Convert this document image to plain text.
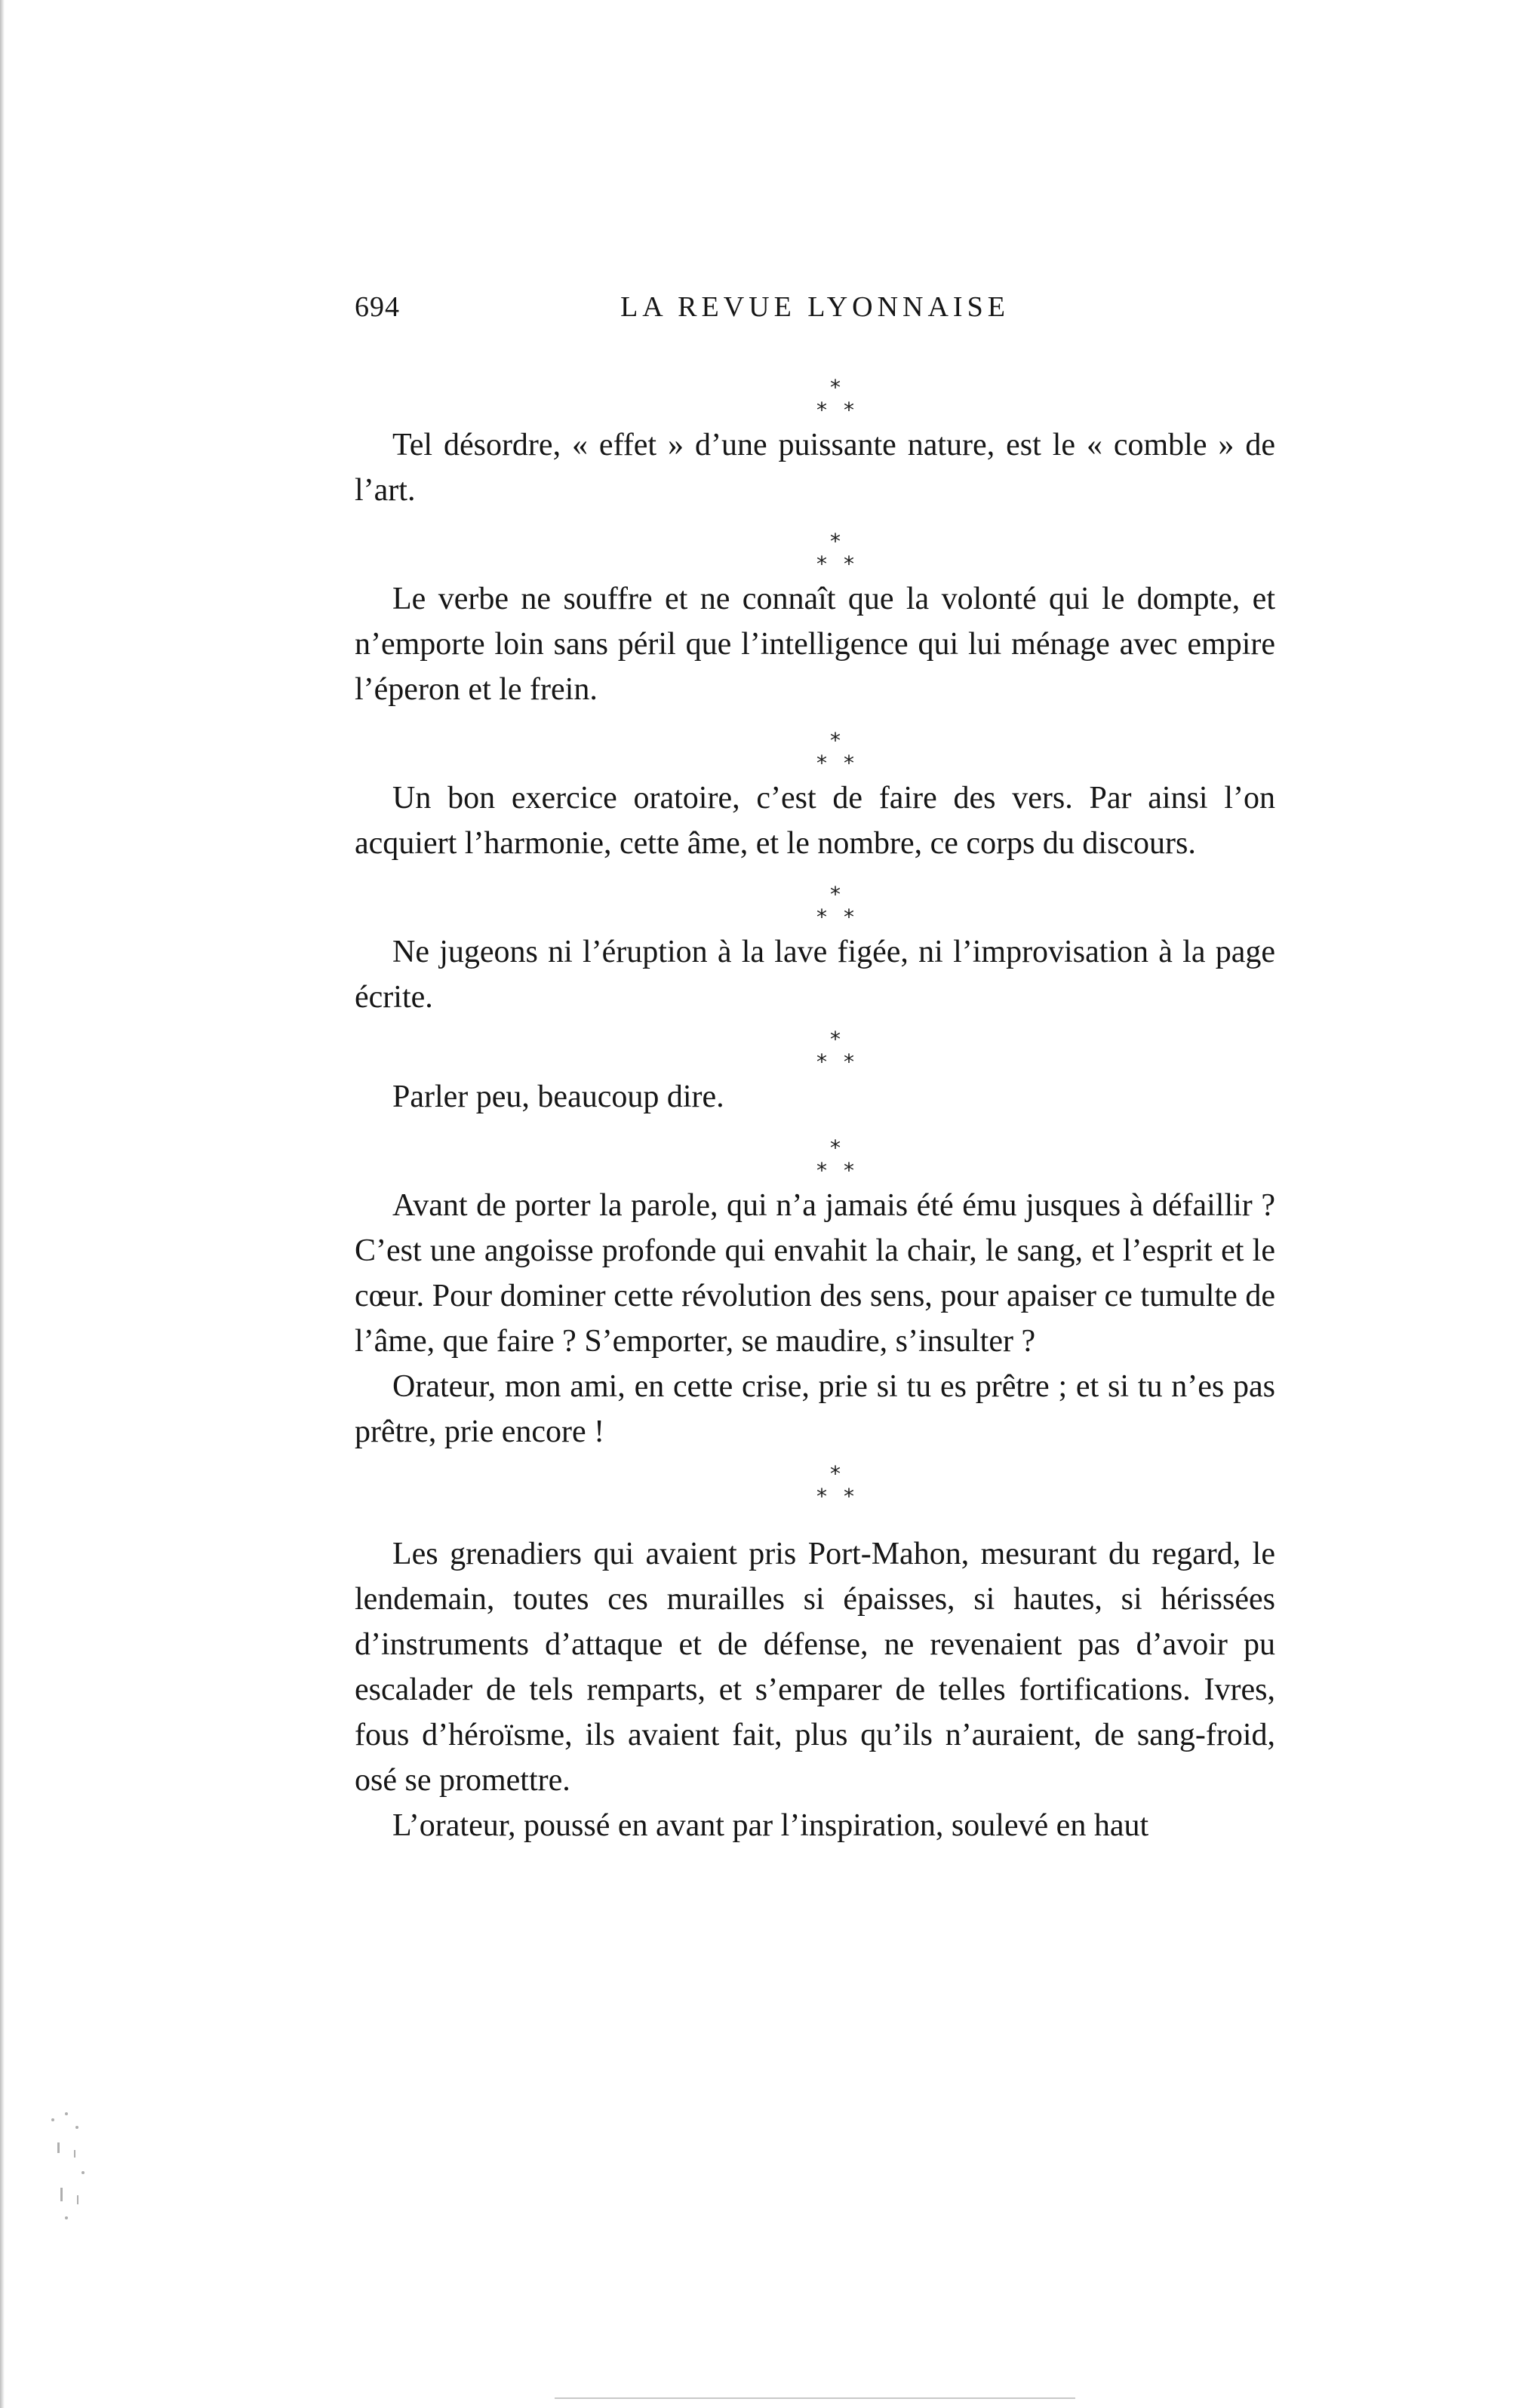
694	LA REVUE LYONNAISE
*
* *

Tel désordre, « effet » d’une puissante nature, est le « comble » de l’art.

*
* *

Le verbe ne souffre et ne connaît que la volonté qui le dompte, et n’emporte loin sans péril que l’intelligence qui lui ménage avec empire l’éperon et le frein.

*
* *

Un bon exercice oratoire, c’est de faire des vers. Par ainsi l’on acquiert l’harmonie, cette âme, et le nombre, ce corps du discours.

*
* *

Ne jugeons ni l’éruption à la lave figée, ni l’improvisation à la page écrite.

*
* *

Parler peu, beaucoup dire.

*
* *

Avant de porter la parole, qui n’a jamais été ému jusques à défaillir ? C’est une angoisse profonde qui envahit la chair, le sang, et l’esprit et le cœur. Pour dominer cette révolution des sens, pour apaiser ce tumulte de l’âme, que faire ? S’emporter, se maudire, s’insulter ?

Orateur, mon ami, en cette crise, prie si tu es prêtre ; et si tu n’es pas prêtre, prie encore !

*
* *

Les grenadiers qui avaient pris Port-Mahon, mesurant du regard, le lendemain, toutes ces murailles si épaisses, si hautes, si hérissées d’instruments d’attaque et de défense, ne revenaient pas d’avoir pu escalader de tels remparts, et s’emparer de telles fortifications. Ivres, fous d’héroïsme, ils avaient fait, plus qu’ils n’auraient, de sang-froid, osé se promettre.

L’orateur, poussé en avant par l’inspiration, soulevé en haut
